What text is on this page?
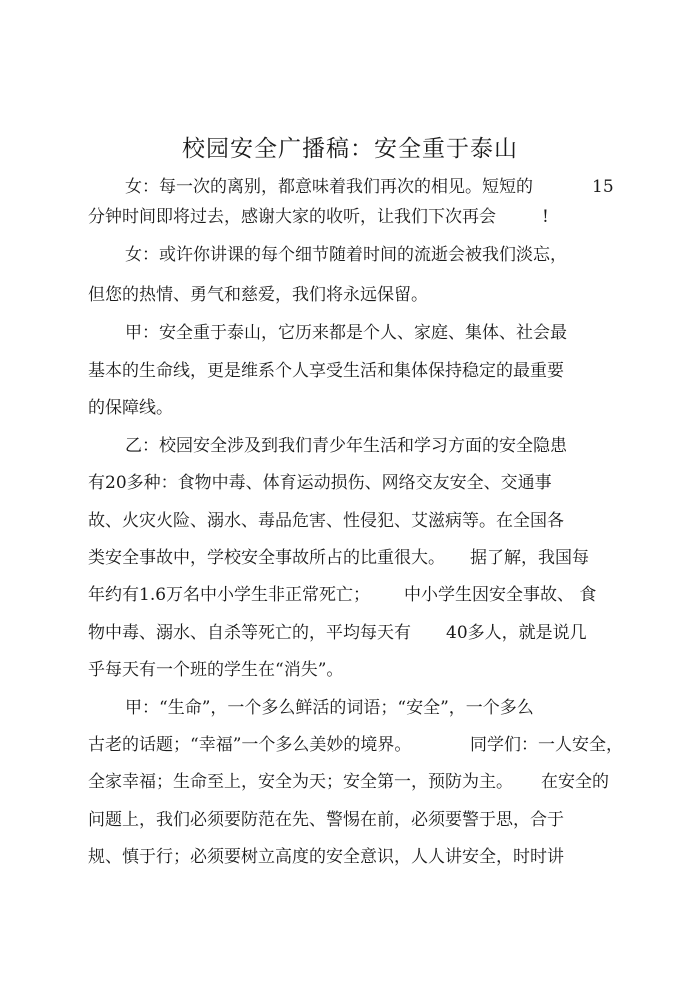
校园安全广播稿：安全重于泰山
女：每一次的离别，都意味着我们再次的相见。短短的	15
分钟时间即将过去，感谢大家的收听，让我们下次再会	!
女：或许你讲课的每个细节随着时间的流逝会被我们淡忘，
但您的热情、勇气和慈爱，我们将永远保留。
甲：安全重于泰山，它历来都是个人、家庭、集体、社会最
基本的生命线，更是维系个人享受生活和集体保持稳定的最重要
的保障线。
乙：校园安全涉及到我们青少年生活和学习方面的安全隐患
有20多种：食物中毒、体育运动损伤、网络交友安全、交通事
故、火灾火险、溺水、毒品危害、性侵犯、艾滋病等。在全国各
类安全事故中，学校安全事故所占的比重很大。 据了解，我国每
年约有1.6万名中小学生非正常死亡； 中小学生因安全事故、 食
物中毒、溺水、自杀等死亡的，平均每天有 40多人，就是说几
乎每天有一个班的学生在“消失”。
甲：“生命”，一个多么鲜活的词语；“安全”，一个多么
古老的话题；“幸福”一个多么美妙的境界。	同学们：一人安全，
全家幸福；生命至上，安全为天；安全第一，预防为主。 在安全的
问题上，我们必须要防范在先、警惕在前，必须要警于思，合于
规、慎于行；必须要树立高度的安全意识，人人讲安全，时时讲
